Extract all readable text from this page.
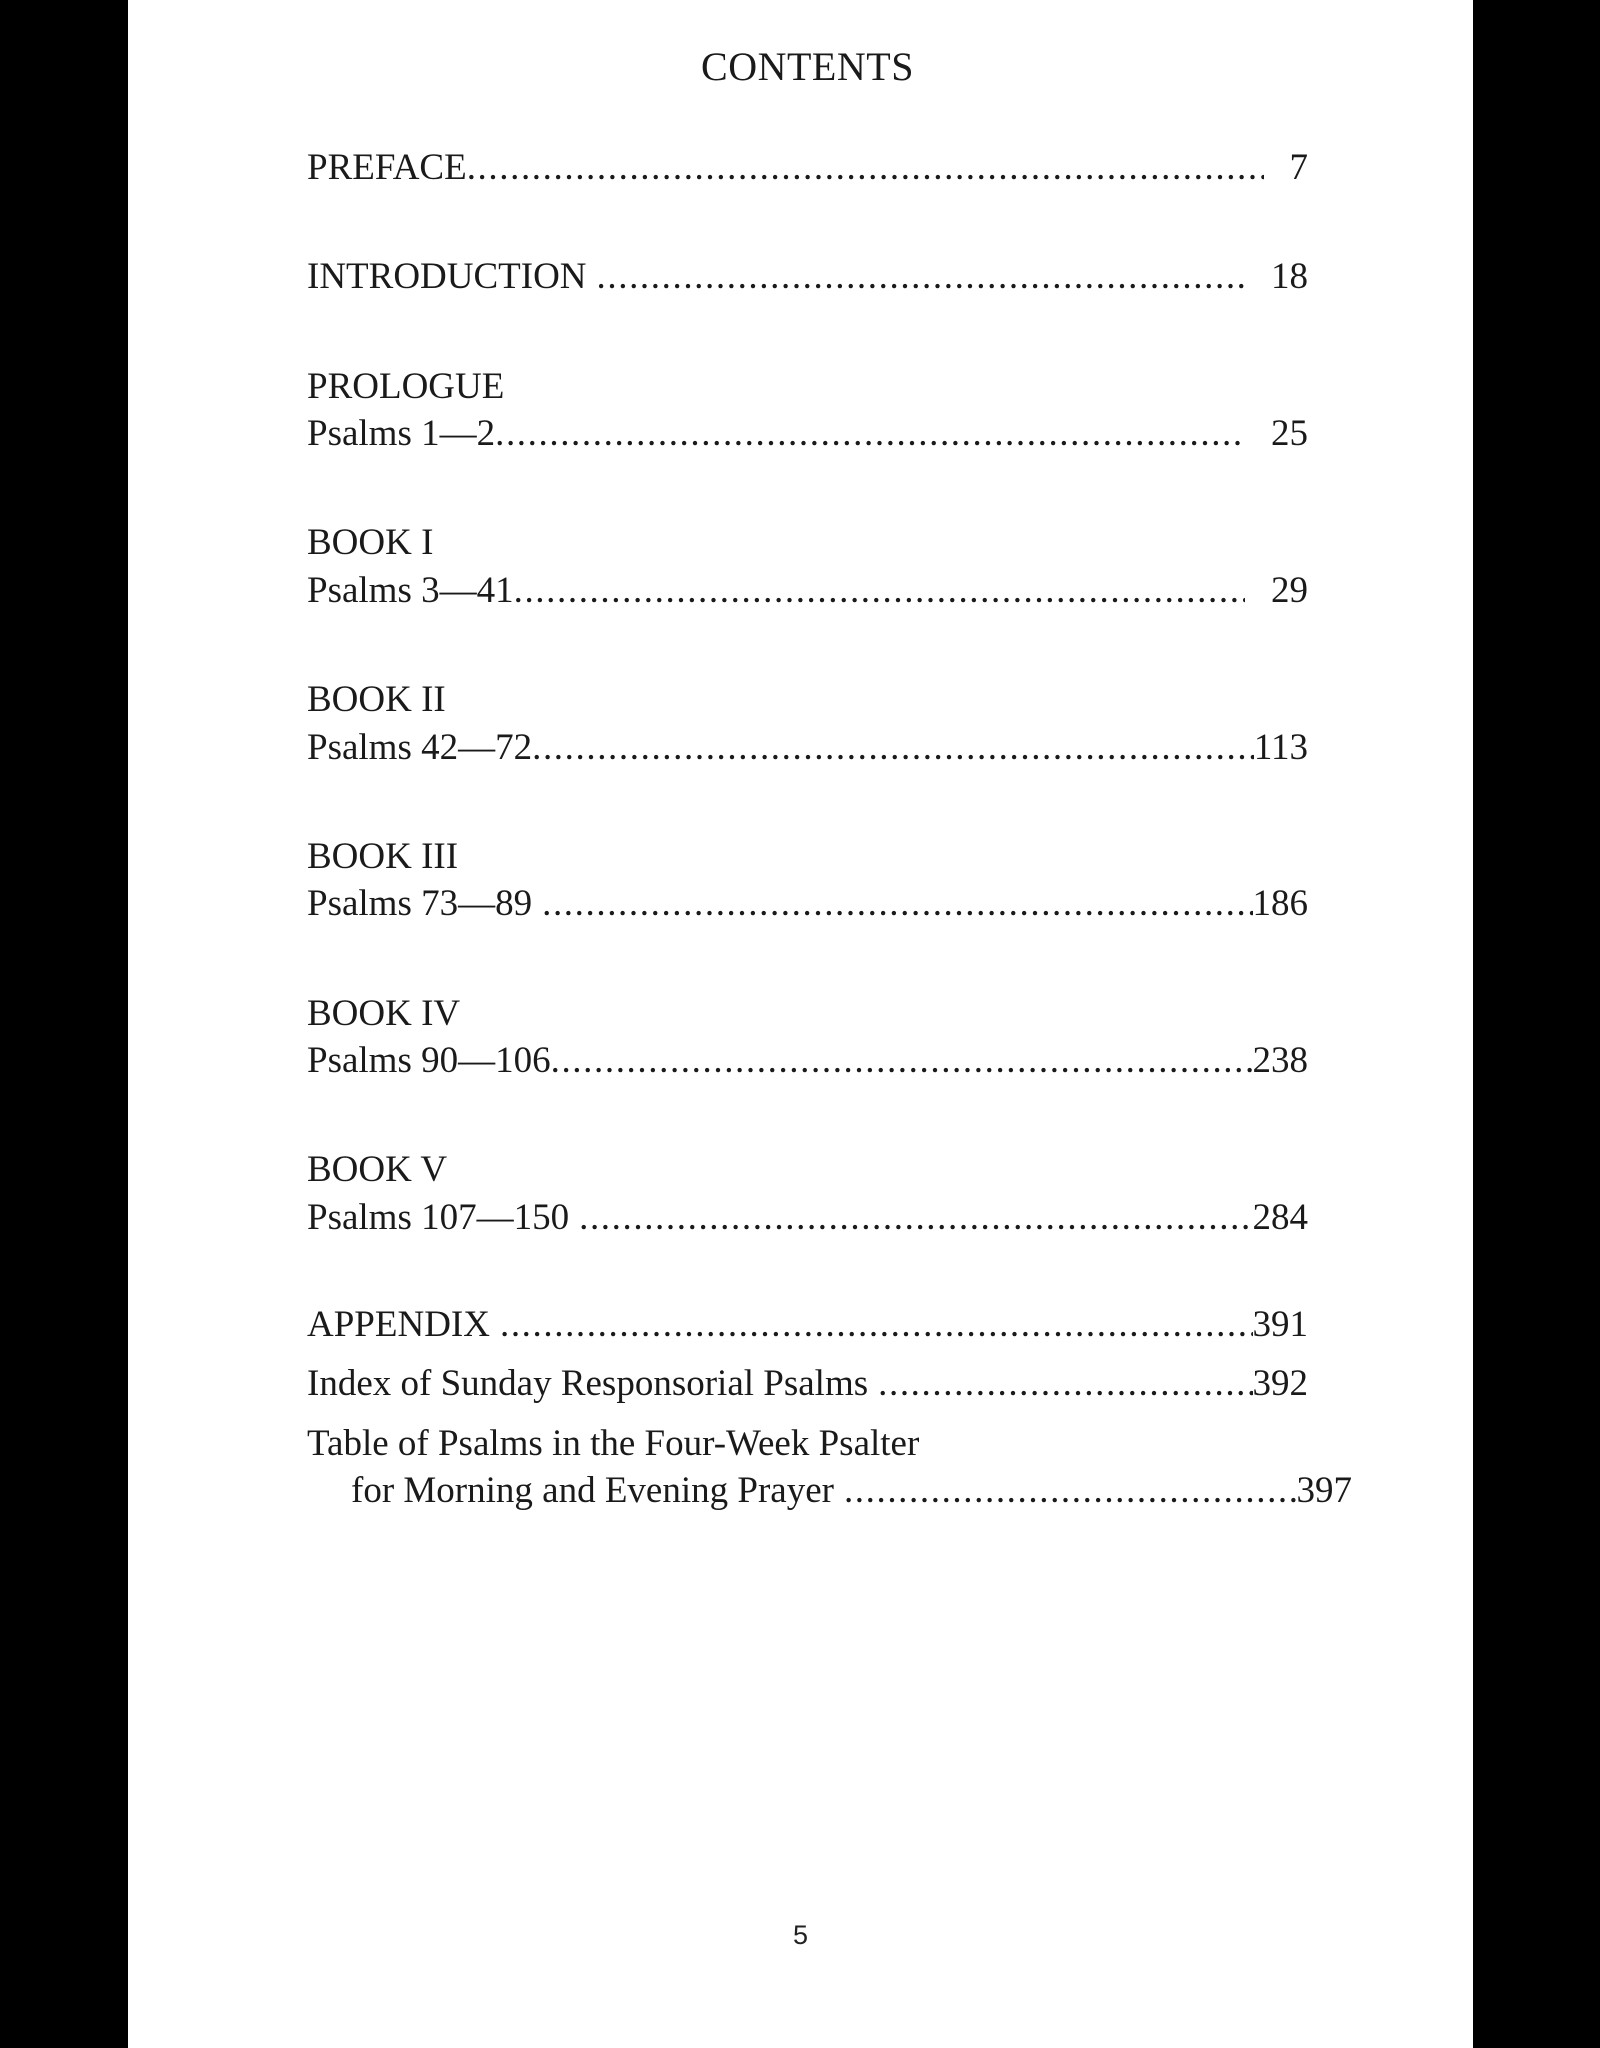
CONTENTS
PREFACE .....	7
INTRODUCTION .....	18
PROLOGUE
Psalms 1—2 .....	25
BOOK I
Psalms 3—41 .....	29
BOOK II
Psalms 42—72 .....	113
BOOK III
Psalms 73—89 .....	186
BOOK IV
Psalms 90—106 .....	238
BOOK V
Psalms 107—150 .....	284
APPENDIX .....	391
Index of Sunday Responsorial Psalms .....	392
Table of Psalms in the Four-Week Psalter
for Morning and Evening Prayer .....	397
5
